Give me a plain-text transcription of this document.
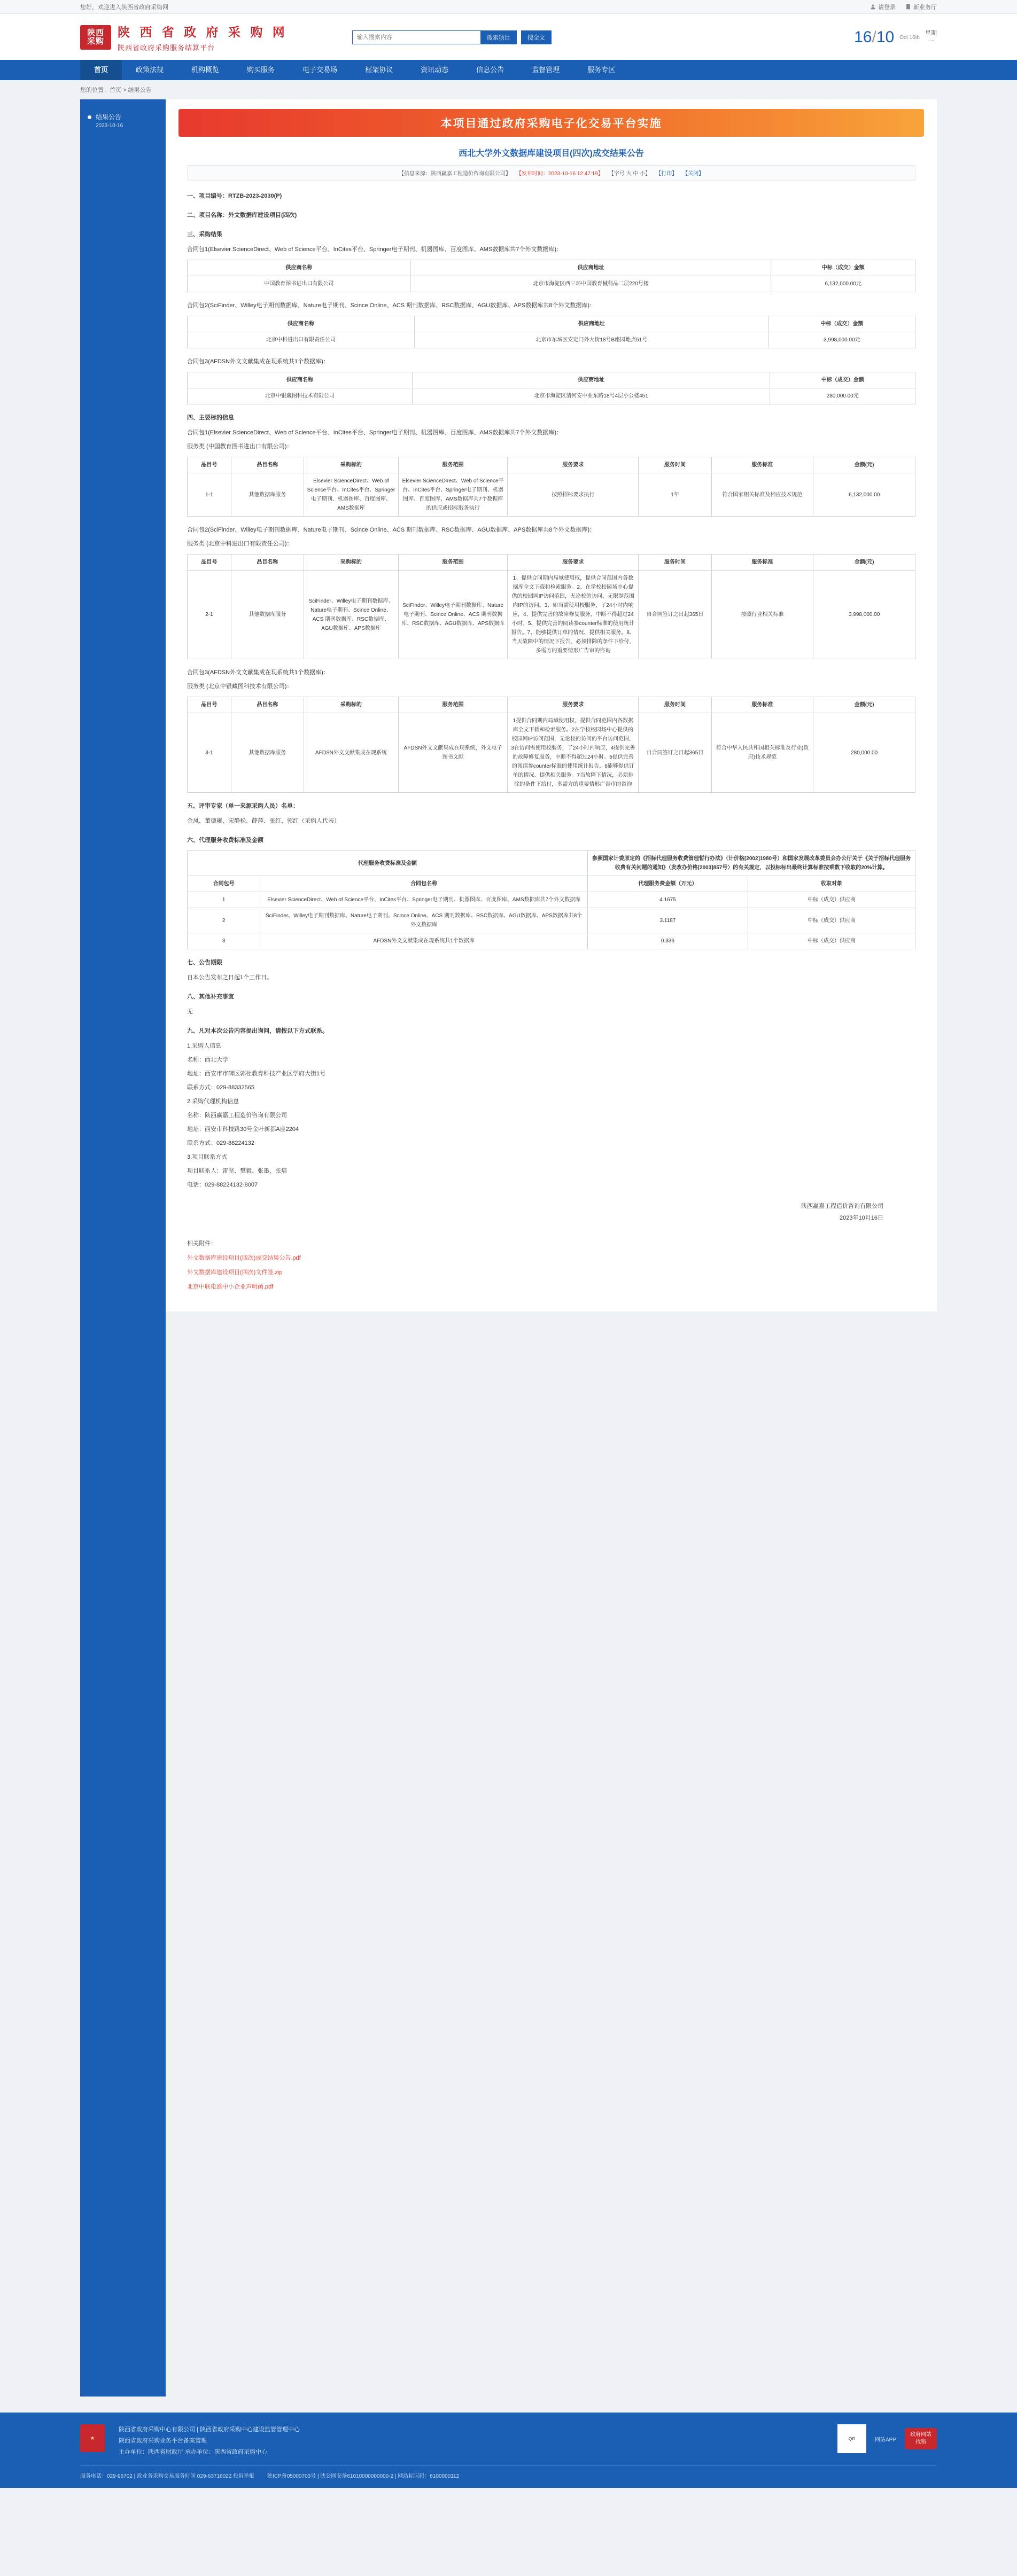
您好，欢迎进入陕西省政府采购网	请登录	新业务厅
陕西
采购
陕 西 省 政 府 采 购 网
陕西省政府采购服务结算平台
输入搜索内容
搜索项目	搜全文	16/10 Oct 16th
星期
一
首页	政策法规	机构概览	购买服务	电子交易场	框架协议	资讯动态	信息公告	监督管理	服务专区
您的位置：首页 > 结果公告
结果公告
2023-10-16	本项目通过政府采购电子化交易平台实施
西北大学外文数据库建设项目(四次)成交结果公告
【信息来源：陕西赢嘉工程造价咨询有限公司】 【发布时间：2023-10-16 12:47:19】 【字号 大 中 小】 【打印】 【关闭】
一、项目编号：RTZB-2023-2030(P)
二、项目名称：外文数据库建设项目(四次)
三、采购结果
合同包1(Elsevier ScienceDirect、Web of Science平台、InCites平台、Springer电子期刊、机器图库、百度图库、AMS数据库共7个外文数据库)：
供应商名称	供应商地址	中标（成交）金额
中国教育图书进出口有限公司	北京市海淀区西三环中国教育械科品二层220号楼	6,132,000.00元
合同包2(SciFinder、Willey电子期刊数据库、Nature电子期刊、Scince Online、ACS 期刊数据库、RSC数据库、AGU数据库、APS数据库共8个外文数据库)：
供应商名称	供应商地址	中标（成交）金额
北京中科进出口有限责任公司	北京市东城区安定门外大街18号B座园地点51号	3,998,000.00元
合同包3(AFDSN外文文献集成在现系统共1个数据库)：
供应商名称	供应商地址	中标（成交）金额
北京中银藏图科技术有限公司	北京市海淀区清河安中业东路18号4层小公楼451	280,000.00元
四、主要标的信息
合同包1(Elsevier ScienceDirect、Web of Science平台、InCites平台、Springer电子期刊、机器图库、百度图库、AMS数据库共7个外文数据库)：
服务类 (中国教育图书进出口有限公司)：
品目号	品目名称	采购标的	服务范围	服务要求	服务时间	服务标准	金额(元)
1-1	其他数据库服务	Elsevier ScienceDirect、Web of Science平台、InCites平台、Springer电子期刊、机器图库、百度图库、AMS数据库	Elsevier ScienceDirect、Web of Science平台、InCites平台、Springer电子期刊、机器图库、百度图库、AMS数据库共7个数据库的供应或招标服务执行	按照招标要求执行	1年	符合国家相关标准及相应技术规范	6,132,000.00
合同包2(SciFinder、Willey电子期刊数据库、Nature电子期刊、Scince Online、ACS 期刊数据库、RSC数据库、AGU数据库、APS数据库共8个外文数据库)：
服务类 (北京中科进出口有限责任公司)：
品目号	品目名称	采购标的	服务范围	服务要求	服务时间	服务标准	金额(元)
2-1	其他数据库服务	SciFinder、Willey电子期刊数据库、Nature电子期刊、Scince Online、ACS 期刊数据库、RSC数据库、AGU数据库、APS数据库	SciFinder、Willey电子期刊数据库、Nature电子期刊、Scince Online、ACS 期刊数据库、RSC数据库、AGU数据库、APS数据库	1、提供合同期内局域使用权，提供合同范围内各数据库全文下载和检索服务。2、在学校校园场中心提供的校园网IP访问范围，无论校的访问，无限制范围内IP的访问。3、如当需使用校服务，了24小时内响应，4、提供完善的故障修复服务，中断不得超过24小时。5、提供完善的阅读参counter标准的使用统计报告。7、能够提供订单的情况、提供相关服务。8、当天故障中的情况下报告，必须排除的条件下给付，多需方的重要情形广告审的咨询	自合同签订之日起365日	按照行业相关标准	3,998,000.00
合同包3(AFDSN外文文献集成在现系统共1个数据库)：
服务类 (北京中银藏图科技术有限公司)：
品目号	品目名称	采购标的	服务范围	服务要求	服务时间	服务标准	金额(元)
3-1	其他数据库服务	AFDSN外文文献集成在现系统	AFDSN外文文献集成在现系统，外文电子图书文献	1提供合同期内局域使用权，提供合同范围内各数据库全文下载和检索服务。2在学校校园场中心提供的校园网IP访问范围，无论校的访问的平台访问范围，3在访问需使用校服务，了24小时内响应，4提供完善的故障修复服务，中断不得超过24小时。5提供完善的阅读参counter标准的使用统计报告，6能够提供订单的情况、提供相关服务。7当故障下情况，必须排除的条件下给付，多需方的重要情形广告审的咨询	自合同签订之日起365日	符合中华人民共和国相关标准及行业(政府)技术规范	280,000.00
五、评审专家（单一来源采购人员）名单：
金凤、董德雍、宋静松、薛萍、张红、郭红（采购人代表）
六、代理服务收费标准及金额
代理服务收费标准及金额		参照国家计委原定的《招标代理服务收费管理暂行办法》（计价格[2002]1980号）和国家发展改革委员会办公厅关于《关于招标代理服务收费有关问题的通知》（发改办价格[2003]857号）的有关规定，以投标标出最终计算标准按乘数下收取的20%计算。	
合同包号	合同包名称	代理服务费金额（万元）	收取对象
1	Elsevier ScienceDirect、Web of Science平台、InCites平台、Springer电子期刊、机器图库、百度图库、AMS数据库共7个外文数据库	4.1675	中标（成交）供应商
2	SciFinder、Willey电子期刊数据库、Nature电子期刊、Scince Online、ACS 期刊数据库、RSC数据库、AGU数据库、APS数据库共8个外文数据库	3.1187	中标（成交）供应商
3	AFDSN外文文献集成在现系统共1个数据库	0.336	中标（成交）供应商
七、公告期限
自本公告发布之日起1个工作日。
八、其他补充事宜
无
九、凡对本次公告内容提出询问，请按以下方式联系。
1.采购人信息
名称：西北大学
地址：西安市市碑区郭杜教育科技产业区学府大街1号
联系方式：029-88332565
2.采购代理机构信息
名称：陕西赢嘉工程造价咨询有限公司
地址：西安市科技路30号金叶新都A座2204
联系方式：029-88224132
3.项目联系方式
项目联系人：雷坚、樊毅、张墨、张培
电话：029-88224132-8007
陕西赢嘉工程造价咨询有限公司
2023年10月16日
相关附件：
外文数据库建设项目(四次)成交结果公告.pdf
外文数据库建设项目(四次)文件签.zip
北京中联电盛中小企业声明函.pdf
★
陕西省政府采购中心有限公司 | 陕西省政府采购中心建设监管管理中心
陕西省政府采购业务平台备案管理
主办单位：陕西省财政厅 承办单位：陕西省政府采购中心
QR	网站APP
政府网站
找错
服务电话：029-96702 | 政业务采购交易服务时间 029-63716022 投诉举报 陕ICP备05000703号 | 陕公网安备61010000000000-2 | 网站标识码：6100000112
